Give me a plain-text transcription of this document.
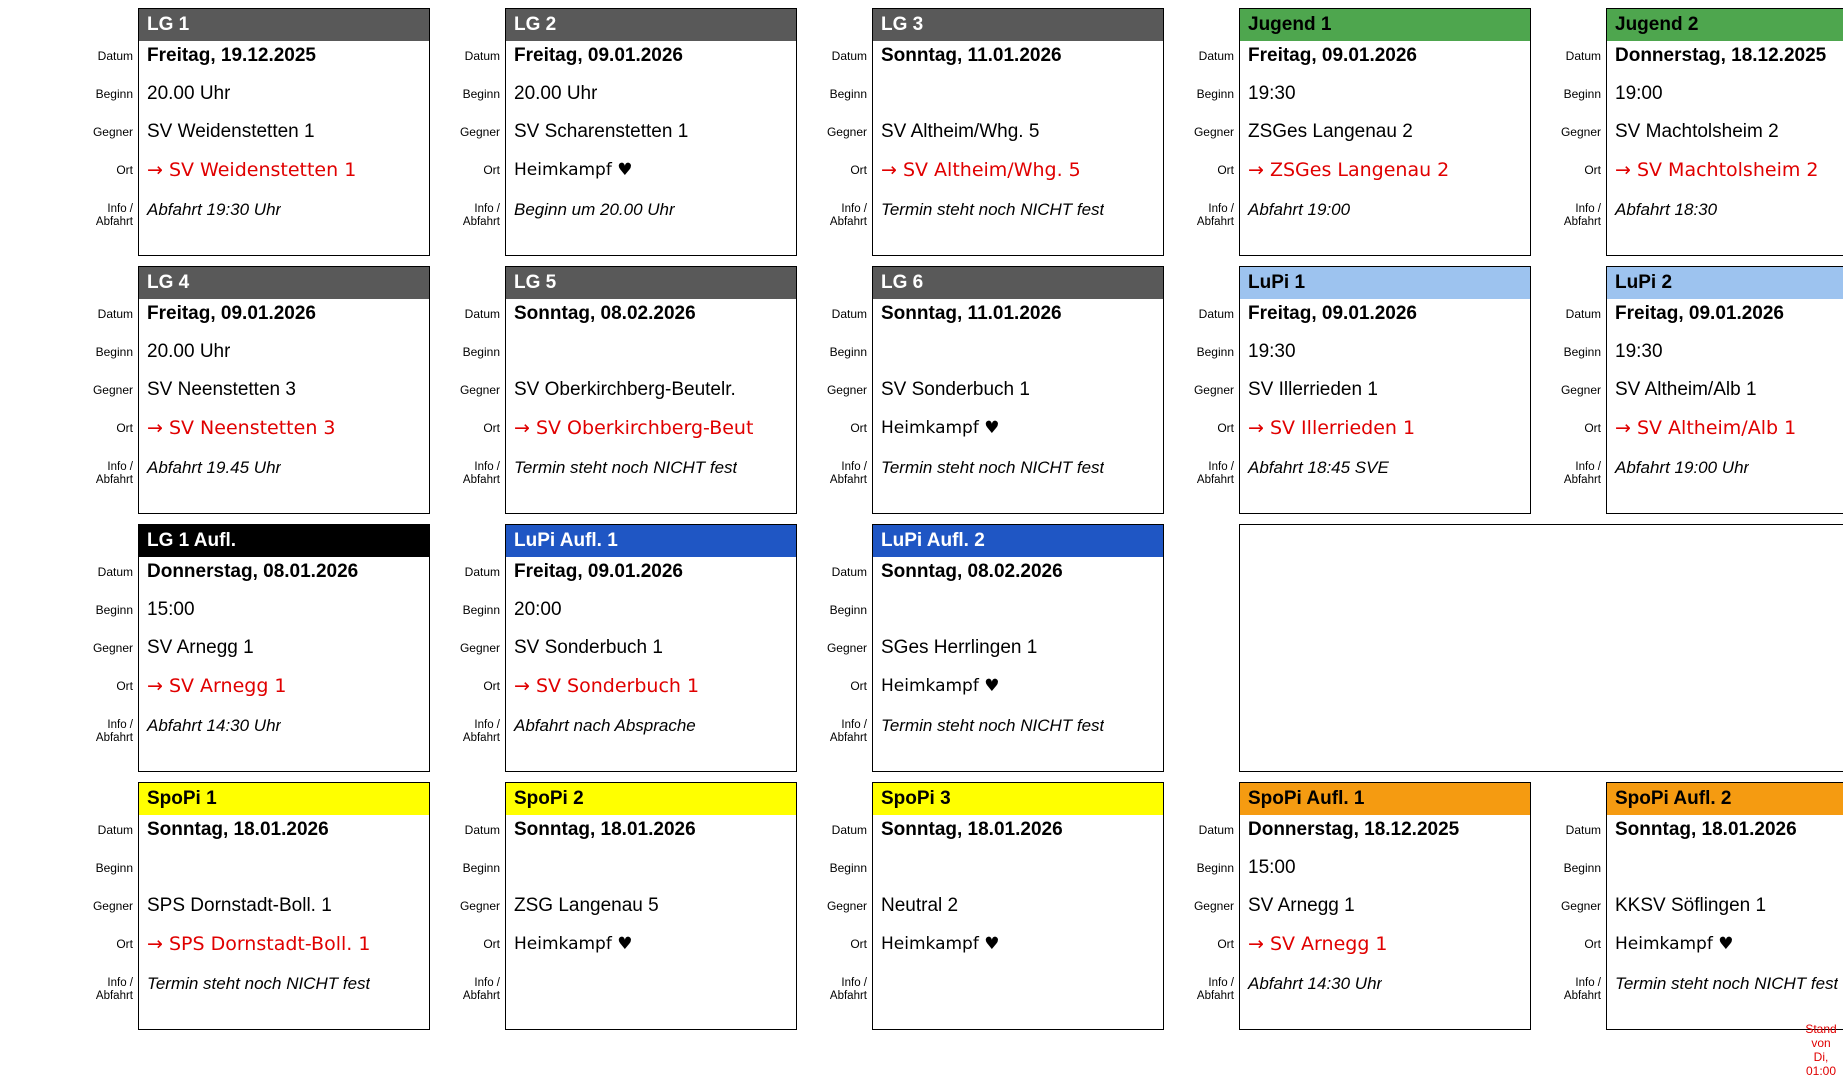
LG 1
Datum Freitag, 19.12.2025
Beginn 20.00 Uhr
Gegner SV Weidenstetten 1
Ort → SV Weidenstetten 1
Info /
Abfahrt
Abfahrt 19:30 Uhr
LG 2
Datum Freitag, 09.01.2026
Beginn 20.00 Uhr
Gegner SV Scharenstetten 1
Ort Heimkampf ♥
Info /
Abfahrt
Beginn um 20.00 Uhr
LG 3
Datum Sonntag, 11.01.2026
Beginn
Gegner SV Altheim/Whg. 5
Ort → SV Altheim/Whg. 5
Info /
Abfahrt
Termin steht noch NICHT fest
Jugend 1
Datum Freitag, 09.01.2026
Beginn 19:30
Gegner ZSGes Langenau 2
Ort → ZSGes Langenau 2
Info /
Abfahrt
Abfahrt 19:00
Jugend 2
Datum Donnerstag, 18.12.2025
Beginn 19:00
Gegner SV Machtolsheim 2
Ort → SV Machtolsheim 2
Info /
Abfahrt
Abfahrt 18:30
LG 4
Datum Freitag, 09.01.2026
Beginn 20.00 Uhr
Gegner SV Neenstetten 3
Ort → SV Neenstetten 3
Info /
Abfahrt
Abfahrt 19.45 Uhr
LG 5
Datum Sonntag, 08.02.2026
Beginn
Gegner SV Oberkirchberg-Beutelr.
Ort → SV Oberkirchberg-Beut
Info /
Abfahrt
Termin steht noch NICHT fest
LG 6
Datum Sonntag, 11.01.2026
Beginn
Gegner SV Sonderbuch 1
Ort Heimkampf ♥
Info /
Abfahrt
Termin steht noch NICHT fest
LuPi 1
Datum Freitag, 09.01.2026
Beginn 19:30
Gegner SV Illerrieden 1
Ort → SV Illerrieden 1
Info /
Abfahrt
Abfahrt 18:45 SVE
LuPi 2
Datum Freitag, 09.01.2026
Beginn 19:30
Gegner SV Altheim/Alb 1
Ort → SV Altheim/Alb 1
Info /
Abfahrt
Abfahrt 19:00 Uhr
LG 1 Aufl.
Datum Donnerstag, 08.01.2026
Beginn 15:00
Gegner SV Arnegg 1
Ort → SV Arnegg 1
Info /
Abfahrt
Abfahrt 14:30 Uhr
LuPi Aufl. 1
Datum Freitag, 09.01.2026
Beginn 20:00
Gegner SV Sonderbuch 1
Ort → SV Sonderbuch 1
Info /
Abfahrt
Abfahrt nach Absprache
LuPi Aufl. 2
Datum Sonntag, 08.02.2026
Beginn
Gegner SGes Herrlingen 1
Ort Heimkampf ♥
Info /
Abfahrt
Termin steht noch NICHT fest
SpoPi 1
Datum Sonntag, 18.01.2026
Beginn
Gegner SPS Dornstadt-Boll. 1
Ort → SPS Dornstadt-Boll. 1
Info /
Abfahrt
Termin steht noch NICHT fest
SpoPi 2
Datum Sonntag, 18.01.2026
Beginn
Gegner ZSG Langenau 5
Ort Heimkampf ♥
Info /
Abfahrt
SpoPi 3
Datum Sonntag, 18.01.2026
Beginn
Gegner Neutral 2
Ort Heimkampf ♥
Info /
Abfahrt
SpoPi Aufl. 1
Datum Donnerstag, 18.12.2025
Beginn 15:00
Gegner SV Arnegg 1
Ort → SV Arnegg 1
Info /
Abfahrt
Abfahrt 14:30 Uhr
SpoPi Aufl. 2
Datum Sonntag, 18.01.2026
Beginn
Gegner KKSV Söflingen 1
Ort Heimkampf ♥
Info /
Abfahrt
Termin steht noch NICHT fest
Stand
von
Di,
01:00
